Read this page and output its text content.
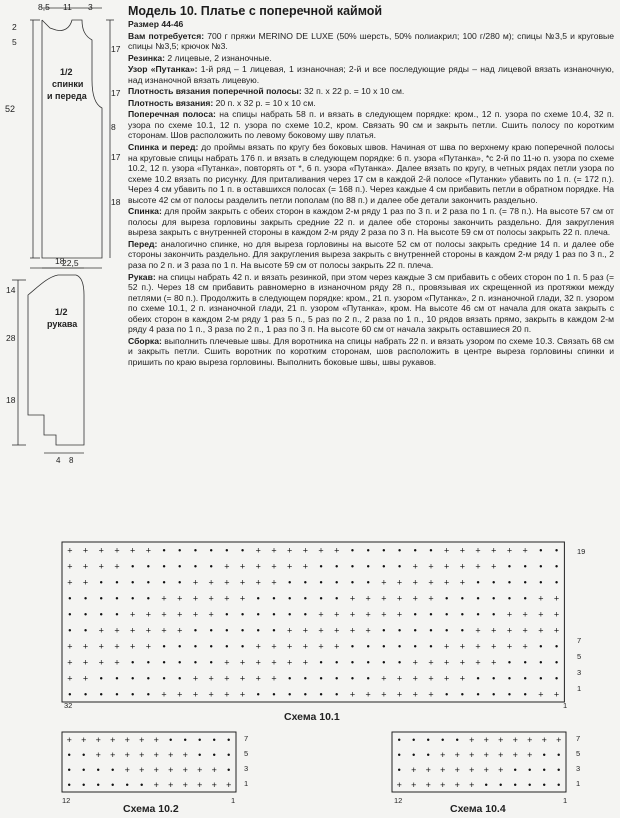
8,5 11 3
2
5
52
17
17
8
17
18
1/2
спинки
и переда
22,5
18
14
28
18
1/2
рукава
4 8

Модель 10. Платье с поперечной каймой

Размер 44-46

Вам потребуется: 700 г пряжи MERINO DE LUXE (50% шерсть, 50% полиакрил; 100 г/280 м); спицы №3,5 и круговые спицы №3,5; крючок №3.

Резинка: 2 лицевые, 2 изнаночные.

Узор «Путанка»: 1-й ряд – 1 лицевая, 1 изнаночная; 2-й и все последующие ряды – над лицевой вязать изнаночную, над изнаночной вязать лицевую.

Плотность вязания поперечной полосы: 32 п. х 22 р. = 10 х 10 см.

Плотность вязания: 20 п. х 32 р. = 10 х 10 см.

Поперечная полоса: на спицы набрать 58 п. и вязать в следующем порядке: кром., 12 п. узора по схеме 10.4, 32 п. узора по схеме 10.1, 12 п. узора по схеме 10.2, кром. Связать 90 см и закрыть петли. Сшить полосу по коротким сторонам. Шов расположить по левому боковому шву платья.

Спинка и перед: до проймы вязать по кругу без боковых швов. Начиная от шва по верхнему краю поперечной полосы на круговые спицы набрать 176 п. и вязать в следующем порядке: 6 п. узора «Путанка», *с 2-й по 11-ю п. узора по схеме 10.2, 12 п. узора «Путанка», повторять от *, 6 п. узора «Путанка». Далее вязать по кругу, в четных рядах петли узора по схеме 10.2 вязать по рисунку. Для приталивания через 17 см в каждой 2-й полосе «Путанки» убавить по 1 п. (= 172 п.). Через 4 см убавить по 1 п. в оставшихся полосах (= 168 п.). Через каждые 4 см прибавить петли в обратном порядке. На высоте 42 см от полосы разделить петли пополам (по 88 п.) и далее обе детали закончить раздельно.

Спинка: для пройм закрыть с обеих сторон в каждом 2-м ряду 1 раз по 3 п. и 2 раза по 1 п. (= 78 п.). На высоте 57 см от полосы для выреза горловины закрыть средние 22 п. и далее обе стороны закончить раздельно. Для закругления выреза закрыть с внутренней стороны в каждом 2-м ряду 2 раза по 3 п. На высоте 59 см от полосы закрыть 22 п. плеча.

Перед: аналогично спинке, но для выреза горловины на высоте 52 см от полосы закрыть средние 14 п. и далее обе стороны закончить раздельно. Для закругления выреза закрыть с внутренней стороны в каждом 2-м ряду 1 раз по 3 п., 2 раза по 2 п. и 3 раза по 1 п. На высоте 59 см от полосы закрыть 22 п. плеча.

Рукав: на спицы набрать 42 п. и вязать резинкой, при этом через каждые 3 см прибавить с обеих сторон по 1 п. 5 раз (= 52 п.). Через 18 см прибавить равномерно в изнаночном ряду 28 п., провязывая их скрещенной из протяжки между петлями (= 80 п.). Продолжить в следующем порядке: кром., 21 п. узором «Путанка», 2 п. изнаночной глади, 32 п. узором по схеме 10.1, 2 п. изнаночной глади, 21 п. узором «Путанка», кром. На высоте 46 см от начала для оката закрыть с обеих сторон в каждом 2-м ряду 1 раз 5 п., 5 раз по 2 п., 2 раза по 1 п., 10 рядов вязать прямо, закрыть в каждом 2-м ряду 4 раза по 1 п., 3 раза по 2 п., 1 раз по 3 п. На высоте 60 см от начала закрыть оставшиеся 20 п.

Сборка: выполнить плечевые швы. Для воротника на спицы набрать 22 п. и вязать узором по схеме 10.3. Связать 68 см и закрыть петли. Сшить воротник по коротким сторонам, шов расположить в центре выреза горловины спинки и пришить по краю выреза горловины. Выполнить боковые швы, швы рукавов.

+ + + + + + • • • • • • + + + + + + • • • • • • + + + + + + • •
+ + + + • • • • • • + + + + + + • • • • • • + + + + + + • • • •
+ + • • • • • • + + + + + + • • • • • • + + + + + + • • • • • •
• • • • • • + + + + + + • • • • • • + + + + + + • • • • • • + +
• • • • + + + + + + • • • • • • + + + + + + • • • • • • + + + +
• • + + + + + + • • • • • • + + + + + + • • • • • • + + + + + +
+ + + + + + • • • • • • + + + + + + • • • • • • + + + + + + • •
+ + + + • • • • • • + + + + + + • • • • • • + + + + + + • • • •
+ + • • • • • • + + + + + + • • • • • • + + + + + + • • • • • •
• • • • • • + + + + + + • • • • • • + + + + + + • • • • • • + +
32	1
19
7
5
3
1
Схема 10.1
+ + + + + + + • • • • •
• • + + + + + + + • • •
• • • • + + + + + + + •
• • • • • • + + + + + +
12	1
7
5
3
1
Схема 10.2
• • • • • + + + + + + +
• • • + + + + + + + • •
• + + + + + + + • • • •
+ + + + + + • • • • • •
12	1
7
5
3
1
Схема 10.4
